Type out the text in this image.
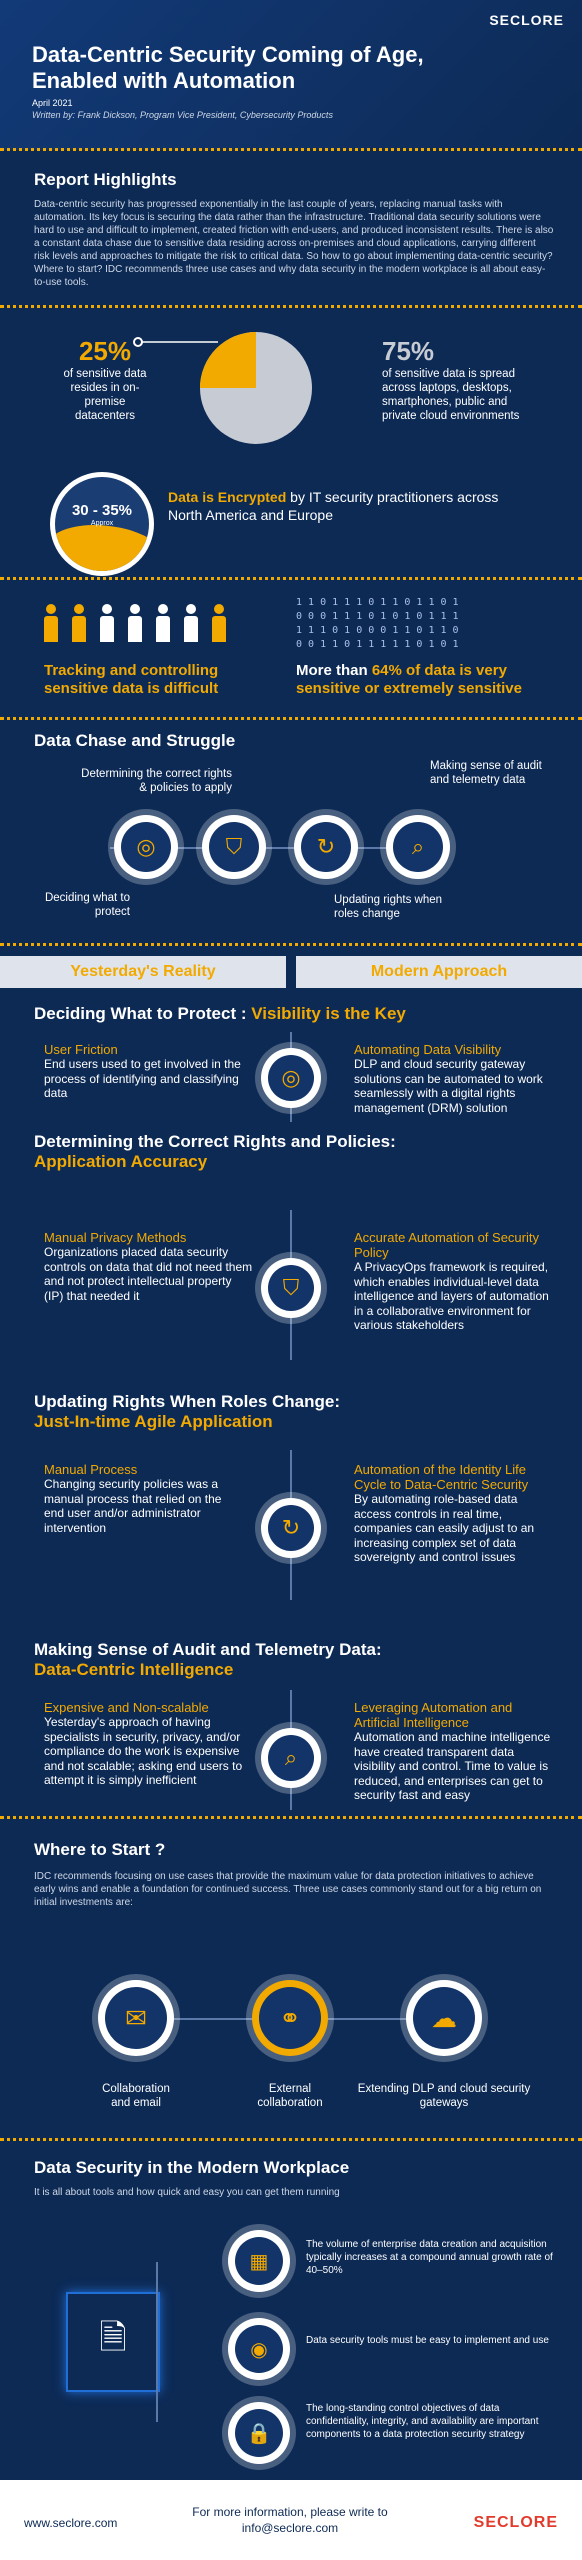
SECLORE
Data-Centric Security Coming of Age,
Enabled with Automation
April 2021
Written by: Frank Dickson, Program Vice President, Cybersecurity Products
Report Highlights
Data-centric security has progressed exponentially in the last couple of years, replacing manual tasks with automation. Its key focus is securing the data rather than the infrastructure. Traditional data security solutions were hard to use and difficult to implement, created friction with end-users, and produced inconsistent results. There is also a constant data chase due to sensitive data residing across on-premises and cloud applications, carrying different risk levels and approaches to mitigate the risk to critical data. So how to go about implementing data-centric security? Where to start? IDC recommends three use cases and why data security in the modern workplace is all about easy-to-use tools.
25%
of sensitive data resides in on-premise datacenters
75%
of sensitive data is spread across laptops, desktops, smartphones, public and private cloud environments
30 - 35%
Approx
Data is Encrypted by IT security practitioners across North America and Europe
1 1 0 1 1 1 0 1 1 0 1 1 0 1
0 0 0 1 1 1 0 1 0 1 0 1 1 1
1 1 1 0 1 0 0 0 1 1 0 1 1 0
0 0 1 1 0 1 1 1 1 1 0 1 0 1
Tracking and controlling sensitive data is difficult
More than 64% of data is very sensitive or extremely sensitive
Data Chase and Struggle
Determining the correct rights & policies to apply
Making sense of audit and telemetry data
Deciding what to protect
Updating rights when roles change
◎	⛉	↻	⌕
Yesterday's Reality	Modern Approach
Deciding What to Protect : Visibility is the Key
User Friction
End users used to get involved in the process of identifying and classifying data
◎
Automating Data Visibility
DLP and cloud security gateway solutions can be automated to work seamlessly with a digital rights management (DRM) solution
Determining the Correct Rights and Policies:
Application Accuracy
Manual Privacy Methods
Organizations placed data security controls on data that did not need them and not protect intellectual property (IP) that needed it	⛉
Accurate Automation of Security Policy
A PrivacyOps framework is required, which enables individual-level data intelligence and layers of automation in a collaborative environment for various stakeholders
Updating Rights When Roles Change:
Just-In-time Agile Application
Manual Process
Changing security policies was a manual process that relied on the end user and/or administrator intervention	↻
Automation of the Identity Life Cycle to Data-Centric Security
By automating role-based data access controls in real time, companies can easily adjust to an increasing complex set of data sovereignty and control issues
Making Sense of Audit and Telemetry Data:
Data-Centric Intelligence
Expensive and Non-scalable
Yesterday's approach of having specialists in security, privacy, and/or compliance do the work is expensive and not scalable; asking end users to attempt it is simply inefficient
⌕
Leveraging Automation and Artificial Intelligence
Automation and machine intelligence have created transparent data visibility and control. Time to value is reduced, and enterprises can get to security fast and easy
Where to Start ?
IDC recommends focusing on use cases that provide the maximum value for data protection initiatives to achieve early wins and enable a foundation for continued success. Three use cases commonly stand out for a big return on initial investments are:
✉	⚭	☁
Collaboration and email
External collaboration
Extending DLP and cloud security gateways
Data Security in the Modern Workplace
It is all about tools and how quick and easy you can get them running
🗎
▦
The volume of enterprise data creation and acquisition typically increases at a compound annual growth rate of 40–50%
◉	Data security tools must be easy to implement and use
🔒
The long-standing control objectives of data confidentiality, integrity, and availability are important components to a data protection security strategy
www.seclore.com
For more information, please write to
info@seclore.com	SECLORE
